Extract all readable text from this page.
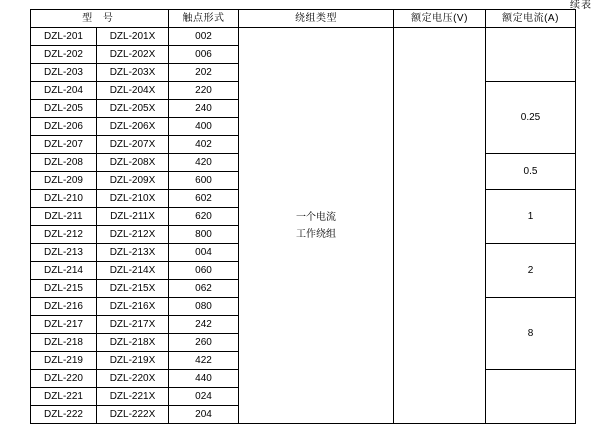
续表
型 号		触点形式	绕组类型	额定电压(V)	额定电流(A)
DZL-201	DZL-201X	002	一个电流
工作绕组		

DZL-202	DZL-202X	006			
DZL-203	DZL-203X	202			
DZL-204	DZL-204X	220			0.25
DZL-205	DZL-205X	240			
DZL-206	DZL-206X	400			
DZL-207	DZL-207X	402			
DZL-208	DZL-208X	420			0.5
DZL-209	DZL-209X	600			
DZL-210	DZL-210X	602			1
DZL-211	DZL-211X	620			
DZL-212	DZL-212X	800			
DZL-213	DZL-213X	004			2
DZL-214	DZL-214X	060			
DZL-215	DZL-215X	062			
DZL-216	DZL-216X	080			8
DZL-217	DZL-217X	242			
DZL-218	DZL-218X	260			
DZL-219	DZL-219X	422			
DZL-220	DZL-220X	440			
DZL-221	DZL-221X	024			
DZL-222	DZL-222X	204			
